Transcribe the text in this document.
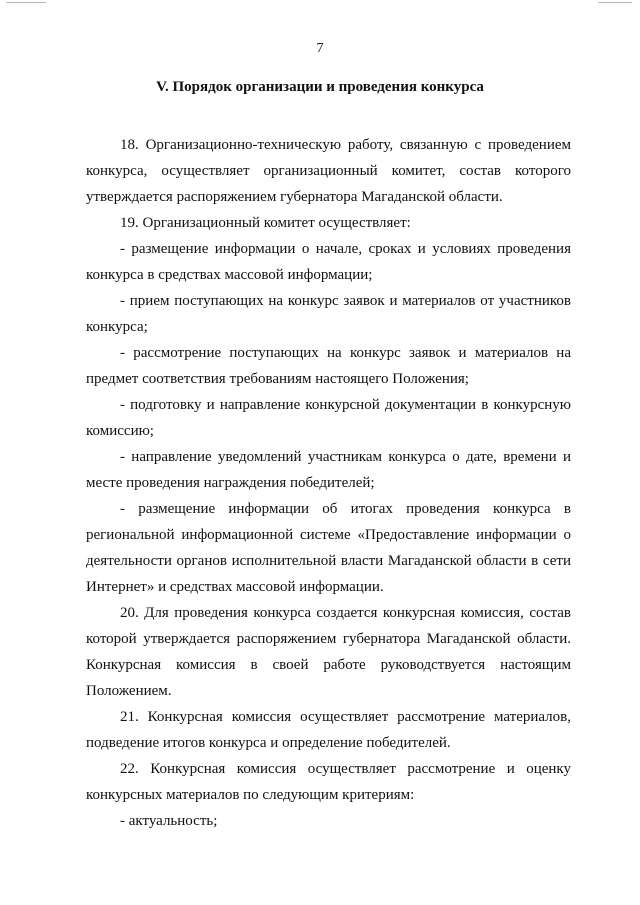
7
V. Порядок организации и проведения конкурса

18. Организационно-техническую работу, связанную с проведением конкурса, осуществляет организационный комитет, состав которого утверждается распоряжением губернатора Магаданской области.

19. Организационный комитет осуществляет:

- размещение информации о начале, сроках и условиях проведения конкурса в средствах массовой информации;

- прием поступающих на конкурс заявок и материалов от участников конкурса;

- рассмотрение поступающих на конкурс заявок и материалов на предмет соответствия требованиям настоящего Положения;

- подготовку и направление конкурсной документации в конкурсную комиссию;

- направление уведомлений участникам конкурса о дате, времени и месте проведения награждения победителей;

- размещение информации об итогах проведения конкурса в региональной информационной системе «Предоставление информации о деятельности органов исполнительной власти Магаданской области в сети Интернет» и средствах массовой информации.

20. Для проведения конкурса создается конкурсная комиссия, состав которой утверждается распоряжением губернатора Магаданской области. Конкурсная комиссия в своей работе руководствуется настоящим Положением.

21. Конкурсная комиссия осуществляет рассмотрение материалов, подведение итогов конкурса и определение победителей.

22. Конкурсная комиссия осуществляет рассмотрение и оценку конкурсных материалов по следующим критериям:

- актуальность;
